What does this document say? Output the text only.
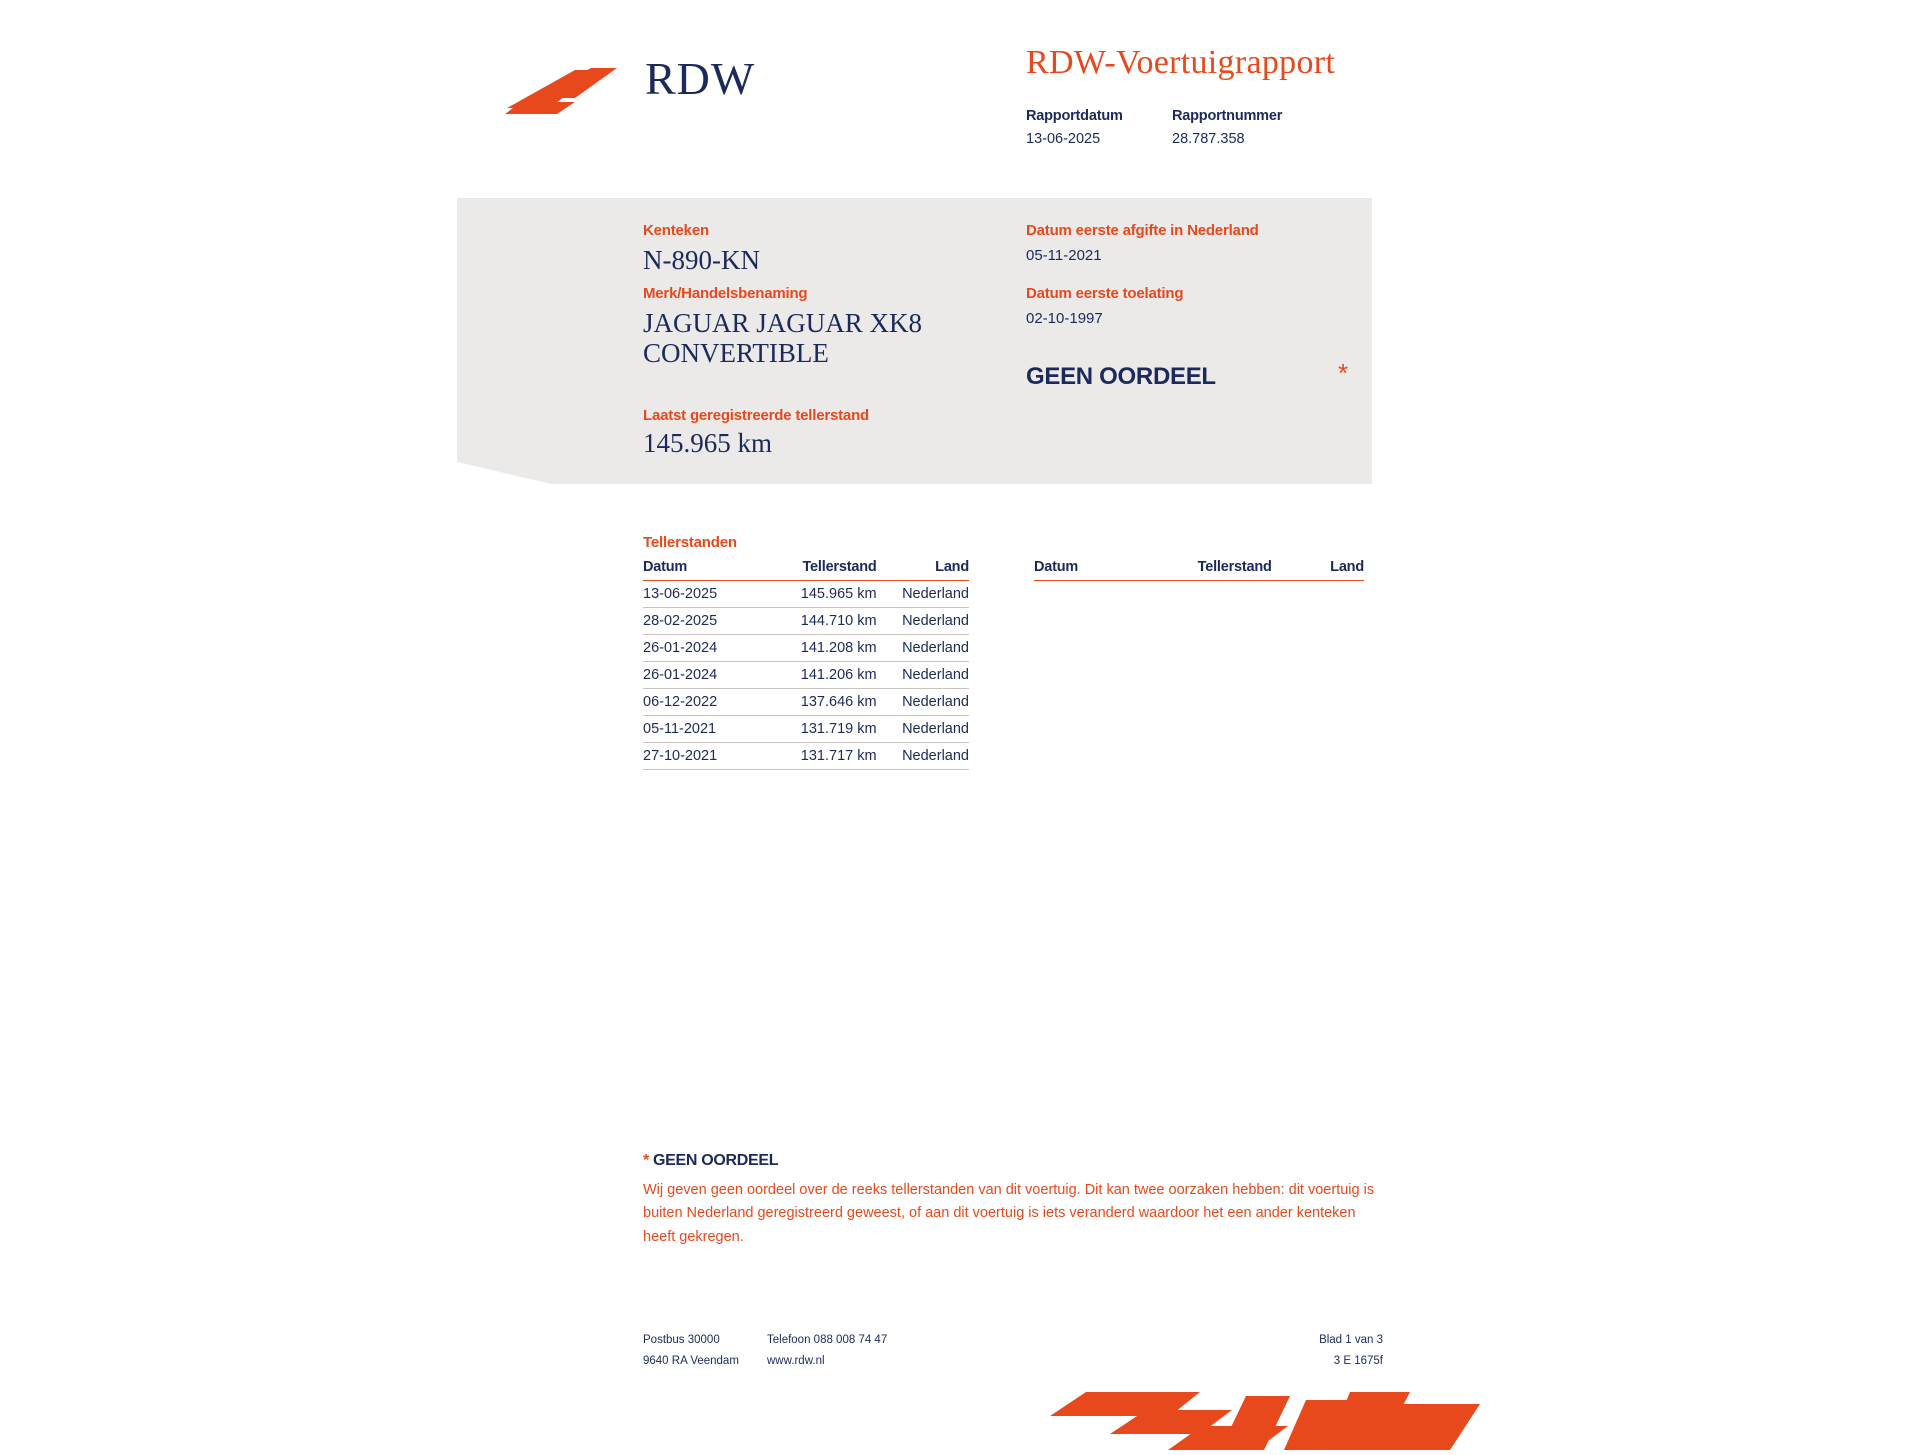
RDW	RDW-Voertuigrapport
Rapportdatum
13-06-2025
Rapportnummer
28.787.358
Kenteken
N-890-KN
Merk/Handelsbenaming
JAGUAR JAGUAR XK8 CONVERTIBLE
Laatst geregistreerde tellerstand
145.965 km
Datum eerste afgifte in Nederland
05-11-2021
Datum eerste toelating
02-10-1997
GEEN OORDEEL	*
Tellerstanden
Datum	Tellerstand	Land
13-06-2025	145.965 km	Nederland
28-02-2025	144.710 km	Nederland
26-01-2024	141.208 km	Nederland
26-01-2024	141.206 km	Nederland
06-12-2022	137.646 km	Nederland
05-11-2021	131.719 km	Nederland
27-10-2021	131.717 km	Nederland
Datum	Tellerstand	Land
* GEEN OORDEEL
Wij geven geen oordeel over de reeks tellerstanden van dit voertuig. Dit kan twee oorzaken hebben: dit voertuig is buiten Nederland geregistreerd geweest, of aan dit voertuig is iets veranderd waardoor het een ander kenteken heeft gekregen.
Postbus 30000	Telefoon 088 008 74 47	Blad 1 van 3
9640 RA Veendam	www.rdw.nl	3 E 1675f
